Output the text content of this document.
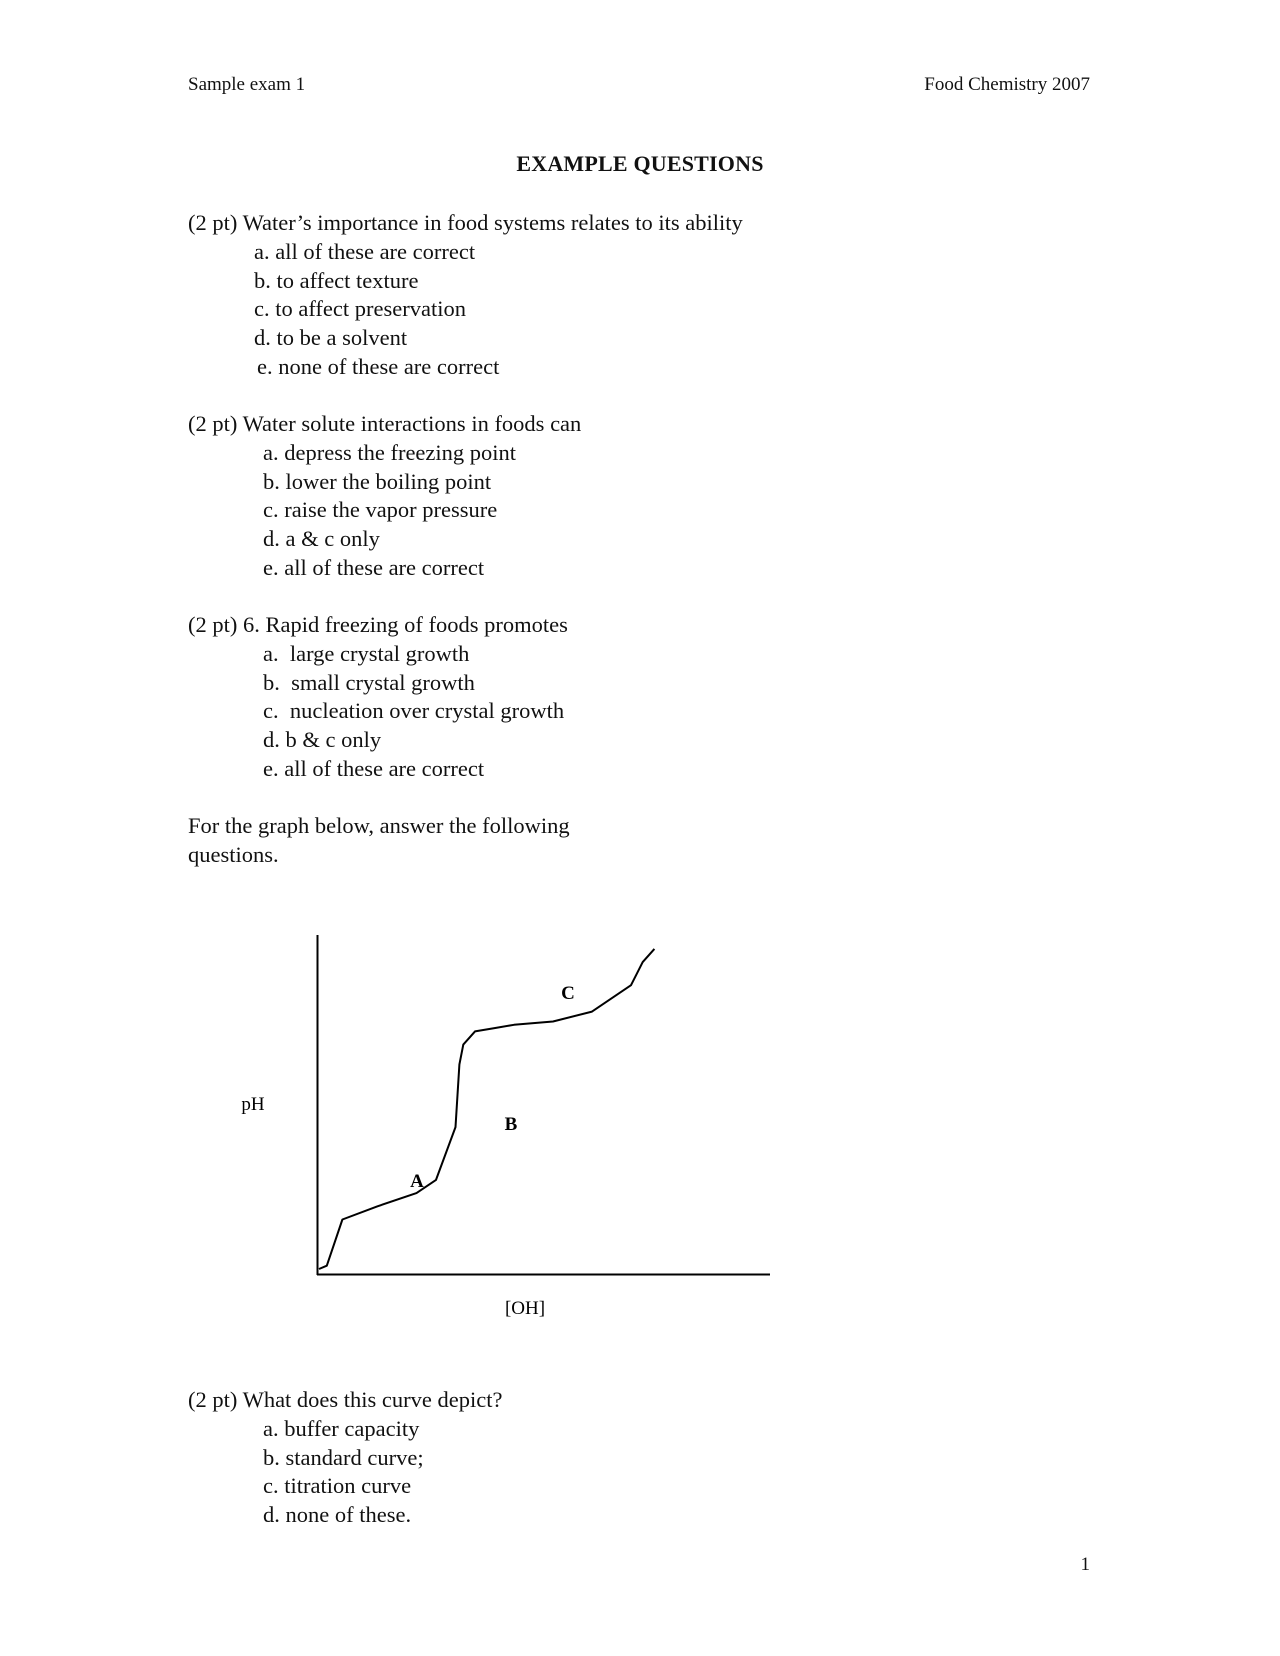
Sample exam 1	Food Chemistry 2007
EXAMPLE QUESTIONS
(2 pt) Water’s importance in food systems relates to its ability
a. all of these are correct
b. to affect texture
c. to affect preservation
d. to be a solvent
e. none of these are correct
(2 pt) Water solute interactions in foods can
a. depress the freezing point
b. lower the boiling point
c. raise the vapor pressure
d. a & c only
e. all of these are correct
(2 pt) 6. Rapid freezing of foods promotes
a.  large crystal growth
b.  small crystal growth
c.  nucleation over crystal growth
d. b & c only
e. all of these are correct
For the graph below, answer the following questions.
A
B
C
pH
[OH]
(2 pt) What does this curve depict?
a. buffer capacity
b. standard curve;
c. titration curve
d. none of these.
1
